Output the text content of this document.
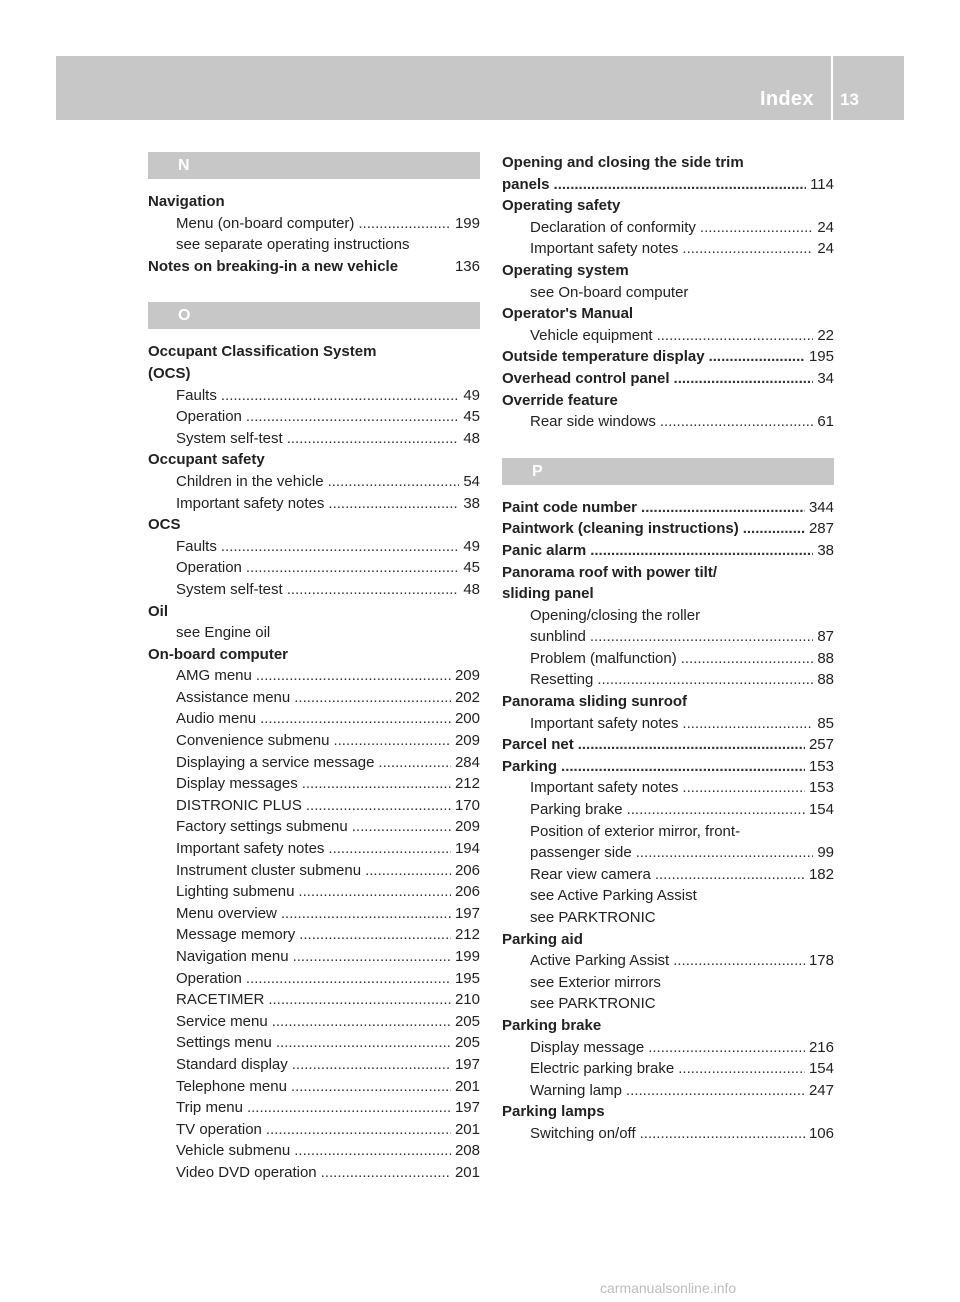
Index 13
N
Navigation
Menu (on-board computer) .....	199
see separate operating instructions
Notes on breaking-in a new vehicle	136
O
Occupant Classification System
(OCS)
Faults .....	49
Operation .....	45
System self-test .....	48
Occupant safety
Children in the vehicle .....	54
Important safety notes .....	38
OCS
Faults .....	49
Operation .....	45
System self-test .....	48
Oil
see Engine oil
On-board computer
AMG menu .....	209
Assistance menu .....	202
Audio menu .....	200
Convenience submenu .....	209
Displaying a service message .....	284
Display messages .....	212
DISTRONIC PLUS .....	170
Factory settings submenu .....	209
Important safety notes .....	194
Instrument cluster submenu .....	206
Lighting submenu .....	206
Menu overview .....	197
Message memory .....	212
Navigation menu .....	199
Operation .....	195
RACETIMER .....	210
Service menu .....	205
Settings menu .....	205
Standard display .....	197
Telephone menu .....	201
Trip menu .....	197
TV operation .....	201
Vehicle submenu .....	208
Video DVD operation .....	201
Opening and closing the side trim
panels .....	114
Operating safety
Declaration of conformity .....	24
Important safety notes .....	24
Operating system
see On-board computer
Operator's Manual
Vehicle equipment .....	22
Outside temperature display .....	195
Overhead control panel .....	34
Override feature
Rear side windows .....	61
P
Paint code number .....	344
Paintwork (cleaning instructions) .....	287
Panic alarm .....	38
Panorama roof with power tilt/
sliding panel
Opening/closing the roller
sunblind .....	87
Problem (malfunction) .....	88
Resetting .....	88
Panorama sliding sunroof
Important safety notes .....	85
Parcel net .....	257
Parking .....	153
Important safety notes .....	153
Parking brake .....	154
Position of exterior mirror, front-
passenger side .....	99
Rear view camera .....	182
see Active Parking Assist
see PARKTRONIC
Parking aid
Active Parking Assist .....	178
see Exterior mirrors
see PARKTRONIC
Parking brake
Display message .....	216
Electric parking brake .....	154
Warning lamp .....	247
Parking lamps
Switching on/off .....	106
carmanualsonline.info
